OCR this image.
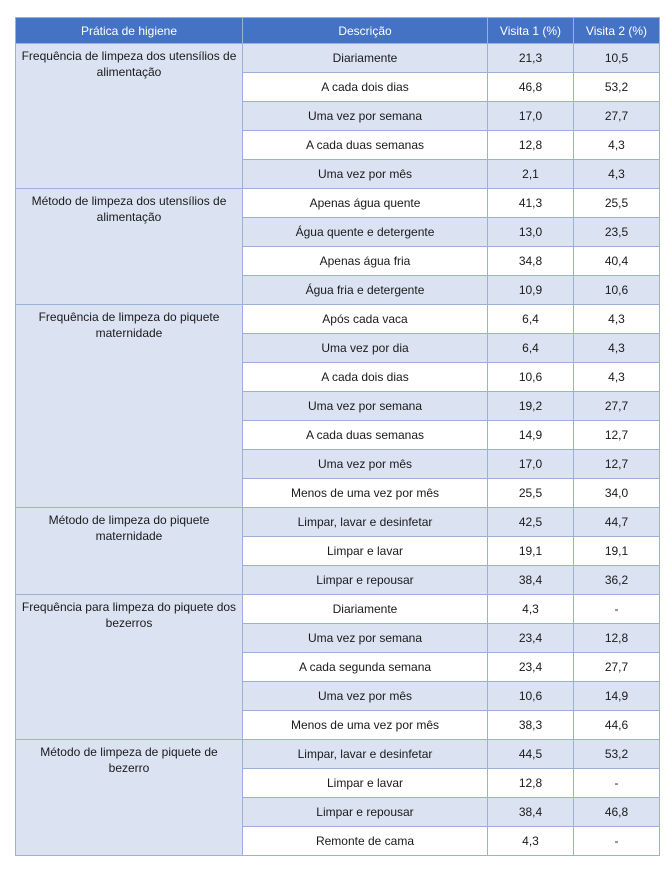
Prática de higiene	Descrição	Visita 1 (%)	Visita 2 (%)
Frequência de limpeza dos utensílios de alimentação	Diariamente	21,3	10,5
	A cada dois dias	46,8	53,2
	Uma vez por semana	17,0	27,7
	A cada duas semanas	12,8	4,3
	Uma vez por mês	2,1	4,3
Método de limpeza dos utensílios de alimentação	Apenas água quente	41,3	25,5
	Água quente e detergente	13,0	23,5
	Apenas água fria	34,8	40,4
	Água fria e detergente	10,9	10,6
Frequência de limpeza do piquete maternidade	Após cada vaca	6,4	4,3
	Uma vez por dia	6,4	4,3
	A cada dois dias	10,6	4,3
	Uma vez por semana	19,2	27,7
	A cada duas semanas	14,9	12,7
	Uma vez por mês	17,0	12,7
	Menos de uma vez por mês	25,5	34,0
Método de limpeza do piquete maternidade	Limpar, lavar e desinfetar	42,5	44,7
	Limpar e lavar	19,1	19,1
	Limpar e repousar	38,4	36,2
Frequência para limpeza do piquete dos bezerros	Diariamente	4,3	-
	Uma vez por semana	23,4	12,8
	A cada segunda semana	23,4	27,7
	Uma vez por mês	10,6	14,9
	Menos de uma vez por mês	38,3	44,6
Método de limpeza de piquete de bezerro	Limpar, lavar e desinfetar	44,5	53,2
	Limpar e lavar	12,8	-
	Limpar e repousar	38,4	46,8
	Remonte de cama	4,3	-
